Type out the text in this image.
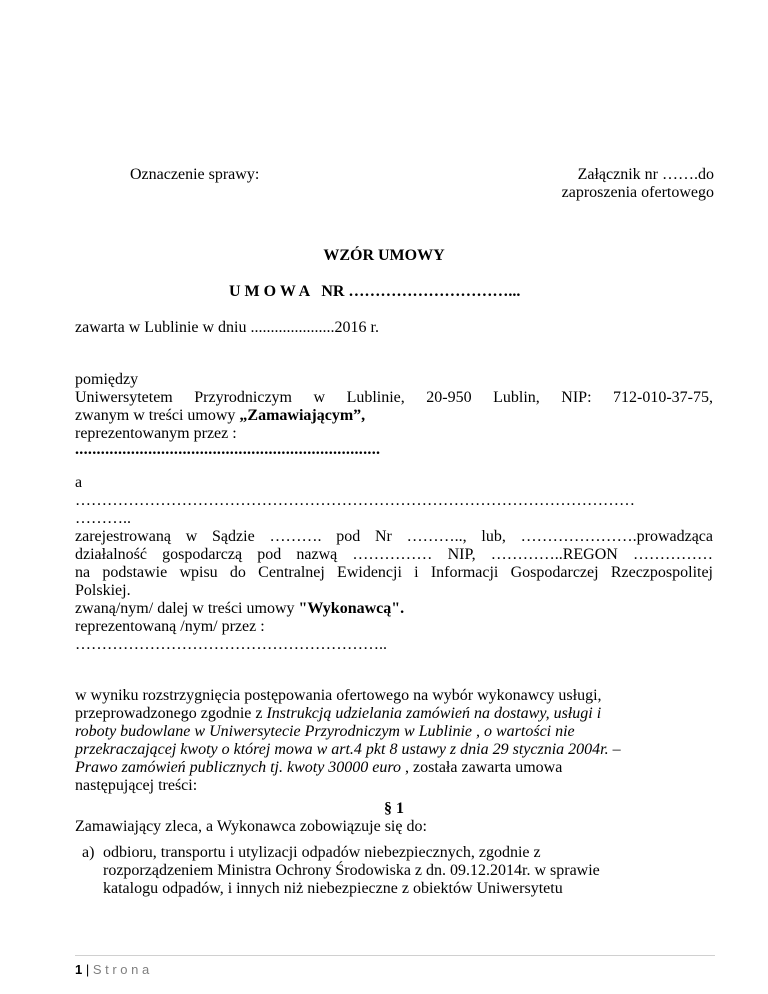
Oznaczenie sprawy:	Załącznik nr …….do
zaproszenia ofertowego
WZÓR UMOWY
U M O W A   NR …………………………...
zawarta w Lublinie w dniu .....................2016 r.
pomiędzy
Uniwersytetem Przyrodniczym w Lublinie, 20-950 Lublin, NIP: 712-010-37-75,
zwanym w treści umowy „Zamawiającym”,
reprezentowanym przez :
.......................................................................
a
……………………………………………………………………………………………
………..
zarejestrowaną w Sądzie ………. pod Nr ……….., lub, ………………….prowadząca
działalność gospodarczą pod nazwą …………… NIP, …………..REGON ……………
na podstawie wpisu do Centralnej Ewidencji i Informacji Gospodarczej Rzeczpospolitej
Polskiej.
zwaną/nym/ dalej w treści umowy "Wykonawcą".
reprezentowaną /nym/ przez :
…………………………………………………..
w wyniku rozstrzygnięcia postępowania ofertowego na wybór wykonawcy usługi,
przeprowadzonego zgodnie z Instrukcją udzielania zamówień na dostawy, usługi i
roboty budowlane w Uniwersytecie Przyrodniczym w Lublinie , o wartości nie
przekraczającej kwoty o której mowa w art.4 pkt 8 ustawy z dnia 29 stycznia 2004r. –
Prawo zamówień publicznych tj. kwoty 30000 euro , została zawarta umowa
następującej treści:
§ 1
Zamawiający zleca, a Wykonawca zobowiązuje się do:
a) odbioru, transportu i utylizacji odpadów niebezpiecznych, zgodnie z
rozporządzeniem Ministra Ochrony Środowiska z dn. 09.12.2014r. w sprawie
katalogu odpadów, i innych niż niebezpieczne z obiektów Uniwersytetu
1 | S t r o n a
